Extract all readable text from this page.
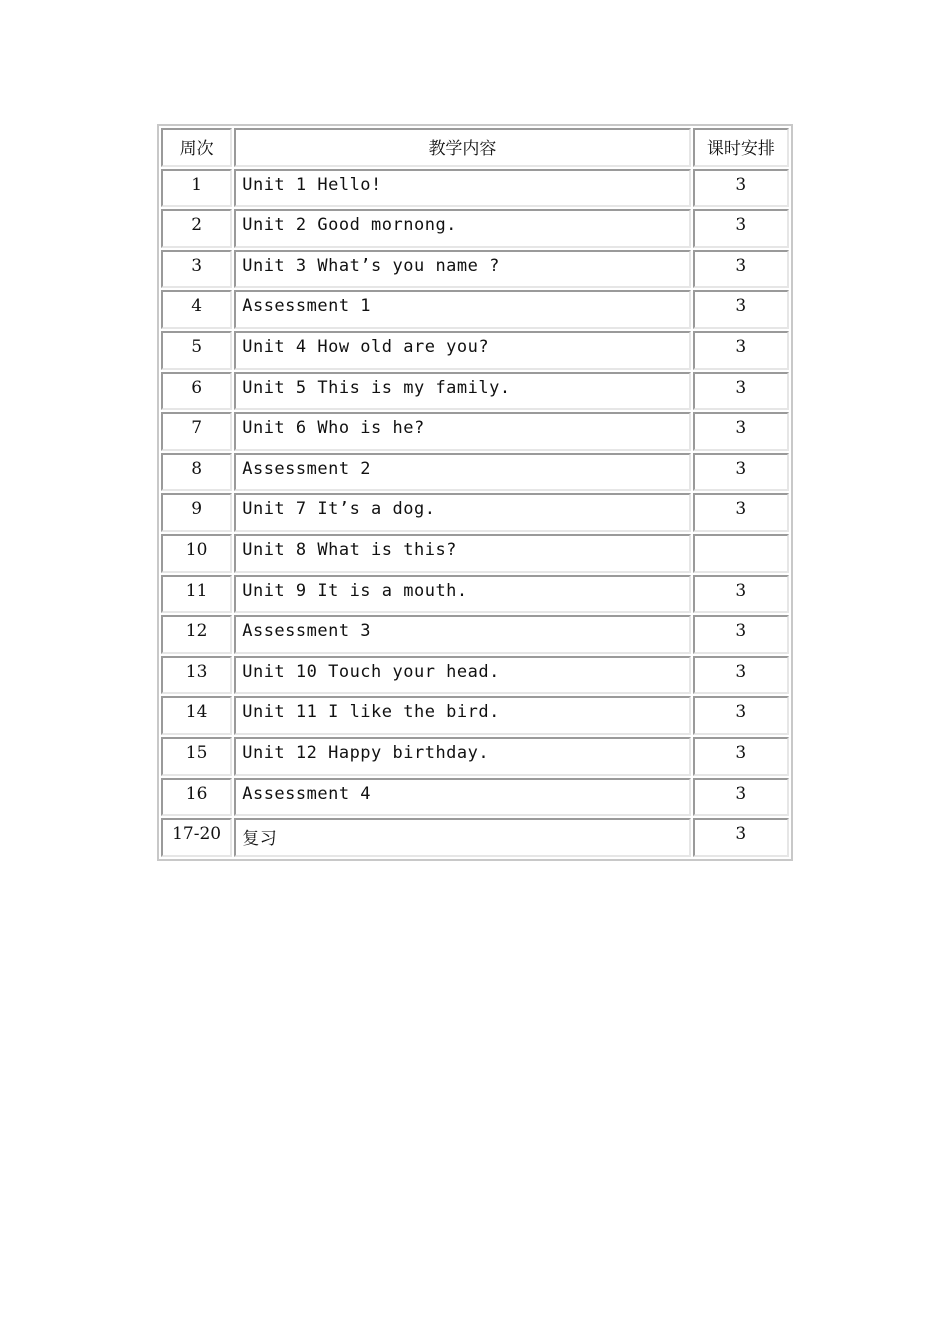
周次	教学内容	课时安排
1	Unit 1 Hello!	3
2	Unit 2 Good mornong.	3
3	Unit 3 What’s you name ?	3
4	Assessment 1	3
5	Unit 4 How old are you?	3
6	Unit 5 This is my family.	3
7	Unit 6 Who is he?	3
8	Assessment 2	3
9	Unit 7 It’s a dog.	3
10	Unit 8 What is this?	
11	Unit 9 It is a mouth.	3
12	Assessment 3	3
13	Unit 10 Touch your head.	3
14	Unit 11 I like the bird.	3
15	Unit 12 Happy birthday.	3
16	Assessment 4	3
17-20	复习	3
